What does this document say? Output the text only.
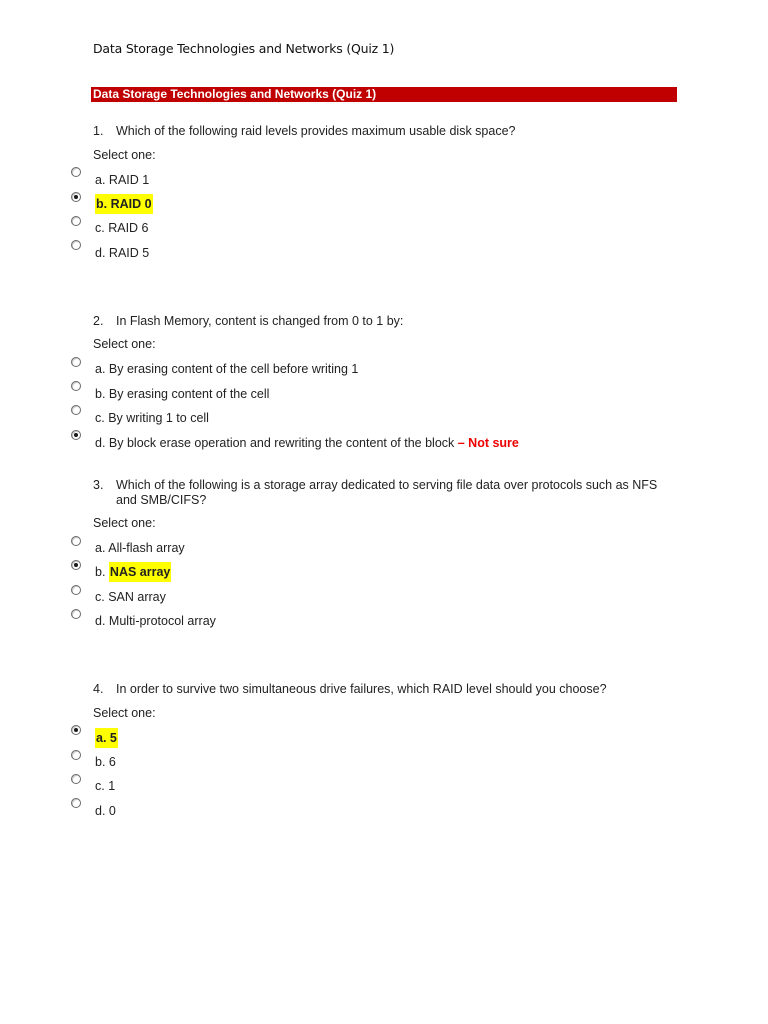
Data Storage Technologies and Networks (Quiz 1)
Data Storage Technologies and Networks (Quiz 1)
1. Which of the following raid levels provides maximum usable disk space?
Select one:
a. RAID 1
b. RAID 0
c. RAID 6
d. RAID 5
2. In Flash Memory, content is changed from 0 to 1 by:
Select one:
a. By erasing content of the cell before writing 1
b. By erasing content of the cell
c. By writing 1 to cell
d. By block erase operation and rewriting the content of the block – Not sure
3. Which of the following is a storage array dedicated to serving file data over protocols such as NFS
and SMB/CIFS?
Select one:
a. All-flash array
b. NAS array
c. SAN array
d. Multi-protocol array
4. In order to survive two simultaneous drive failures, which RAID level should you choose?
Select one:
a. 5
b. 6
c. 1
d. 0
